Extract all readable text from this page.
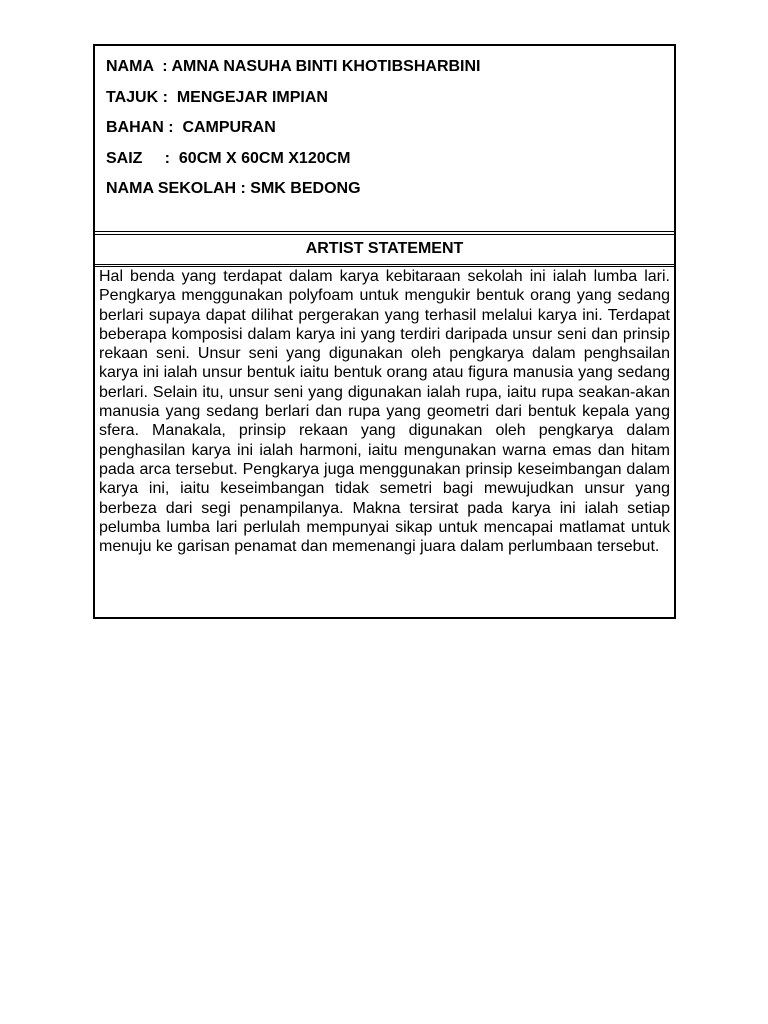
NAMA  : AMNA NASUHA BINTI KHOTIBSHARBINI
TAJUK :  MENGEJAR IMPIAN
BAHAN :  CAMPURAN
SAIZ     :  60CM X 60CM X120CM
NAMA SEKOLAH : SMK BEDONG
ARTIST STATEMENT
Hal benda yang terdapat dalam karya kebitaraan sekolah ini ialah lumba lari. Pengkarya menggunakan polyfoam untuk mengukir bentuk orang yang sedang berlari supaya dapat dilihat pergerakan yang terhasil melalui karya ini. Terdapat beberapa komposisi dalam karya ini yang terdiri daripada unsur seni dan prinsip rekaan seni. Unsur seni yang digunakan oleh pengkarya dalam penghsailan karya ini ialah unsur bentuk iaitu bentuk orang atau figura manusia yang sedang berlari. Selain itu, unsur seni yang digunakan ialah rupa, iaitu rupa seakan-akan manusia yang sedang berlari dan rupa yang geometri dari bentuk kepala yang sfera. Manakala, prinsip rekaan yang digunakan oleh pengkarya dalam penghasilan karya ini ialah harmoni, iaitu mengunakan warna emas dan hitam pada arca tersebut. Pengkarya juga menggunakan prinsip keseimbangan dalam karya ini, iaitu keseimbangan tidak semetri bagi mewujudkan unsur yang berbeza dari segi penampilanya. Makna tersirat pada karya ini ialah setiap pelumba lumba lari perlulah mempunyai sikap untuk mencapai matlamat untuk menuju ke garisan penamat dan memenangi juara dalam perlumbaan tersebut.
